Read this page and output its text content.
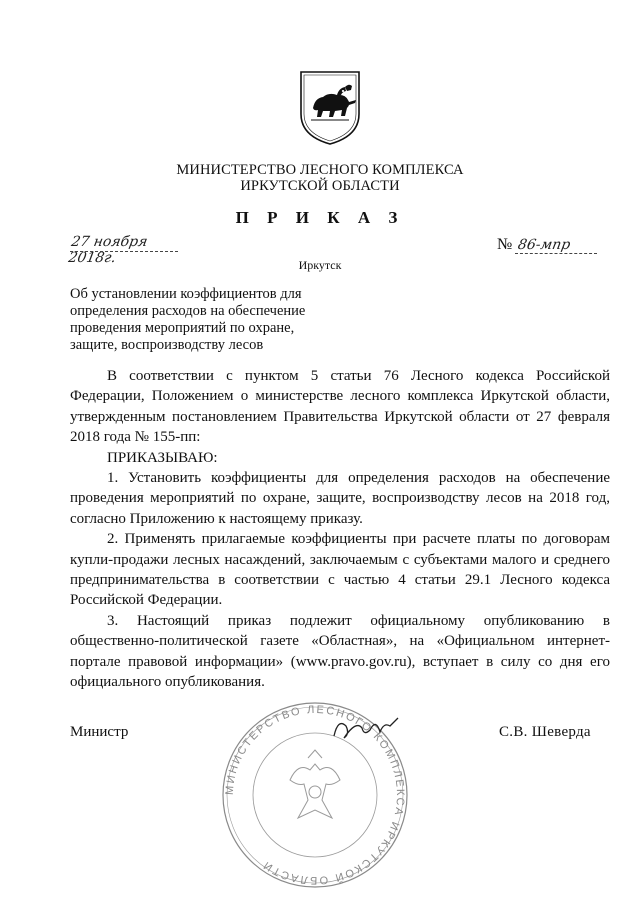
МИНИСТЕРСТВО ЛЕСНОГО КОМПЛЕКСА
ИРКУТСКОЙ ОБЛАСТИ
П Р И К А З
27 ноября 2018г.
№ 86-мпр
Иркутск
Об установлении коэффициентов для
определения расходов на обеспечение
проведения мероприятий по охране,
защите, воспроизводству лесов

В соответствии с пунктом 5 статьи 76 Лесного кодекса Российской Федерации, Положением о министерстве лесного комплекса Иркутской области, утвержденным постановлением Правительства Иркутской области от 27 февраля 2018 года № 155-пп:

ПРИКАЗЫВАЮ:

1. Установить коэффициенты для определения расходов на обеспечение проведения мероприятий по охране, защите, воспроизводству лесов на 2018 год, согласно Приложению к настоящему приказу.

2. Применять прилагаемые коэффициенты при расчете платы по договорам купли-продажи лесных насаждений, заключаемым с субъектами малого и среднего предпринимательства в соответствии с частью 4 статьи 29.1 Лесного кодекса Российской Федерации.

3. Настоящий приказ подлежит официальному опубликованию в общественно-политической газете «Областная», на «Официальном интернет-портале правовой информации» (www.pravo.gov.ru), вступает в силу со дня его официального опубликования.

МИНИСТЕРСТВО ЛЕСНОГО КОМПЛЕКСА ИРКУТСКОЙ ОБЛАСТИ
Министр	С.В. Шеверда
